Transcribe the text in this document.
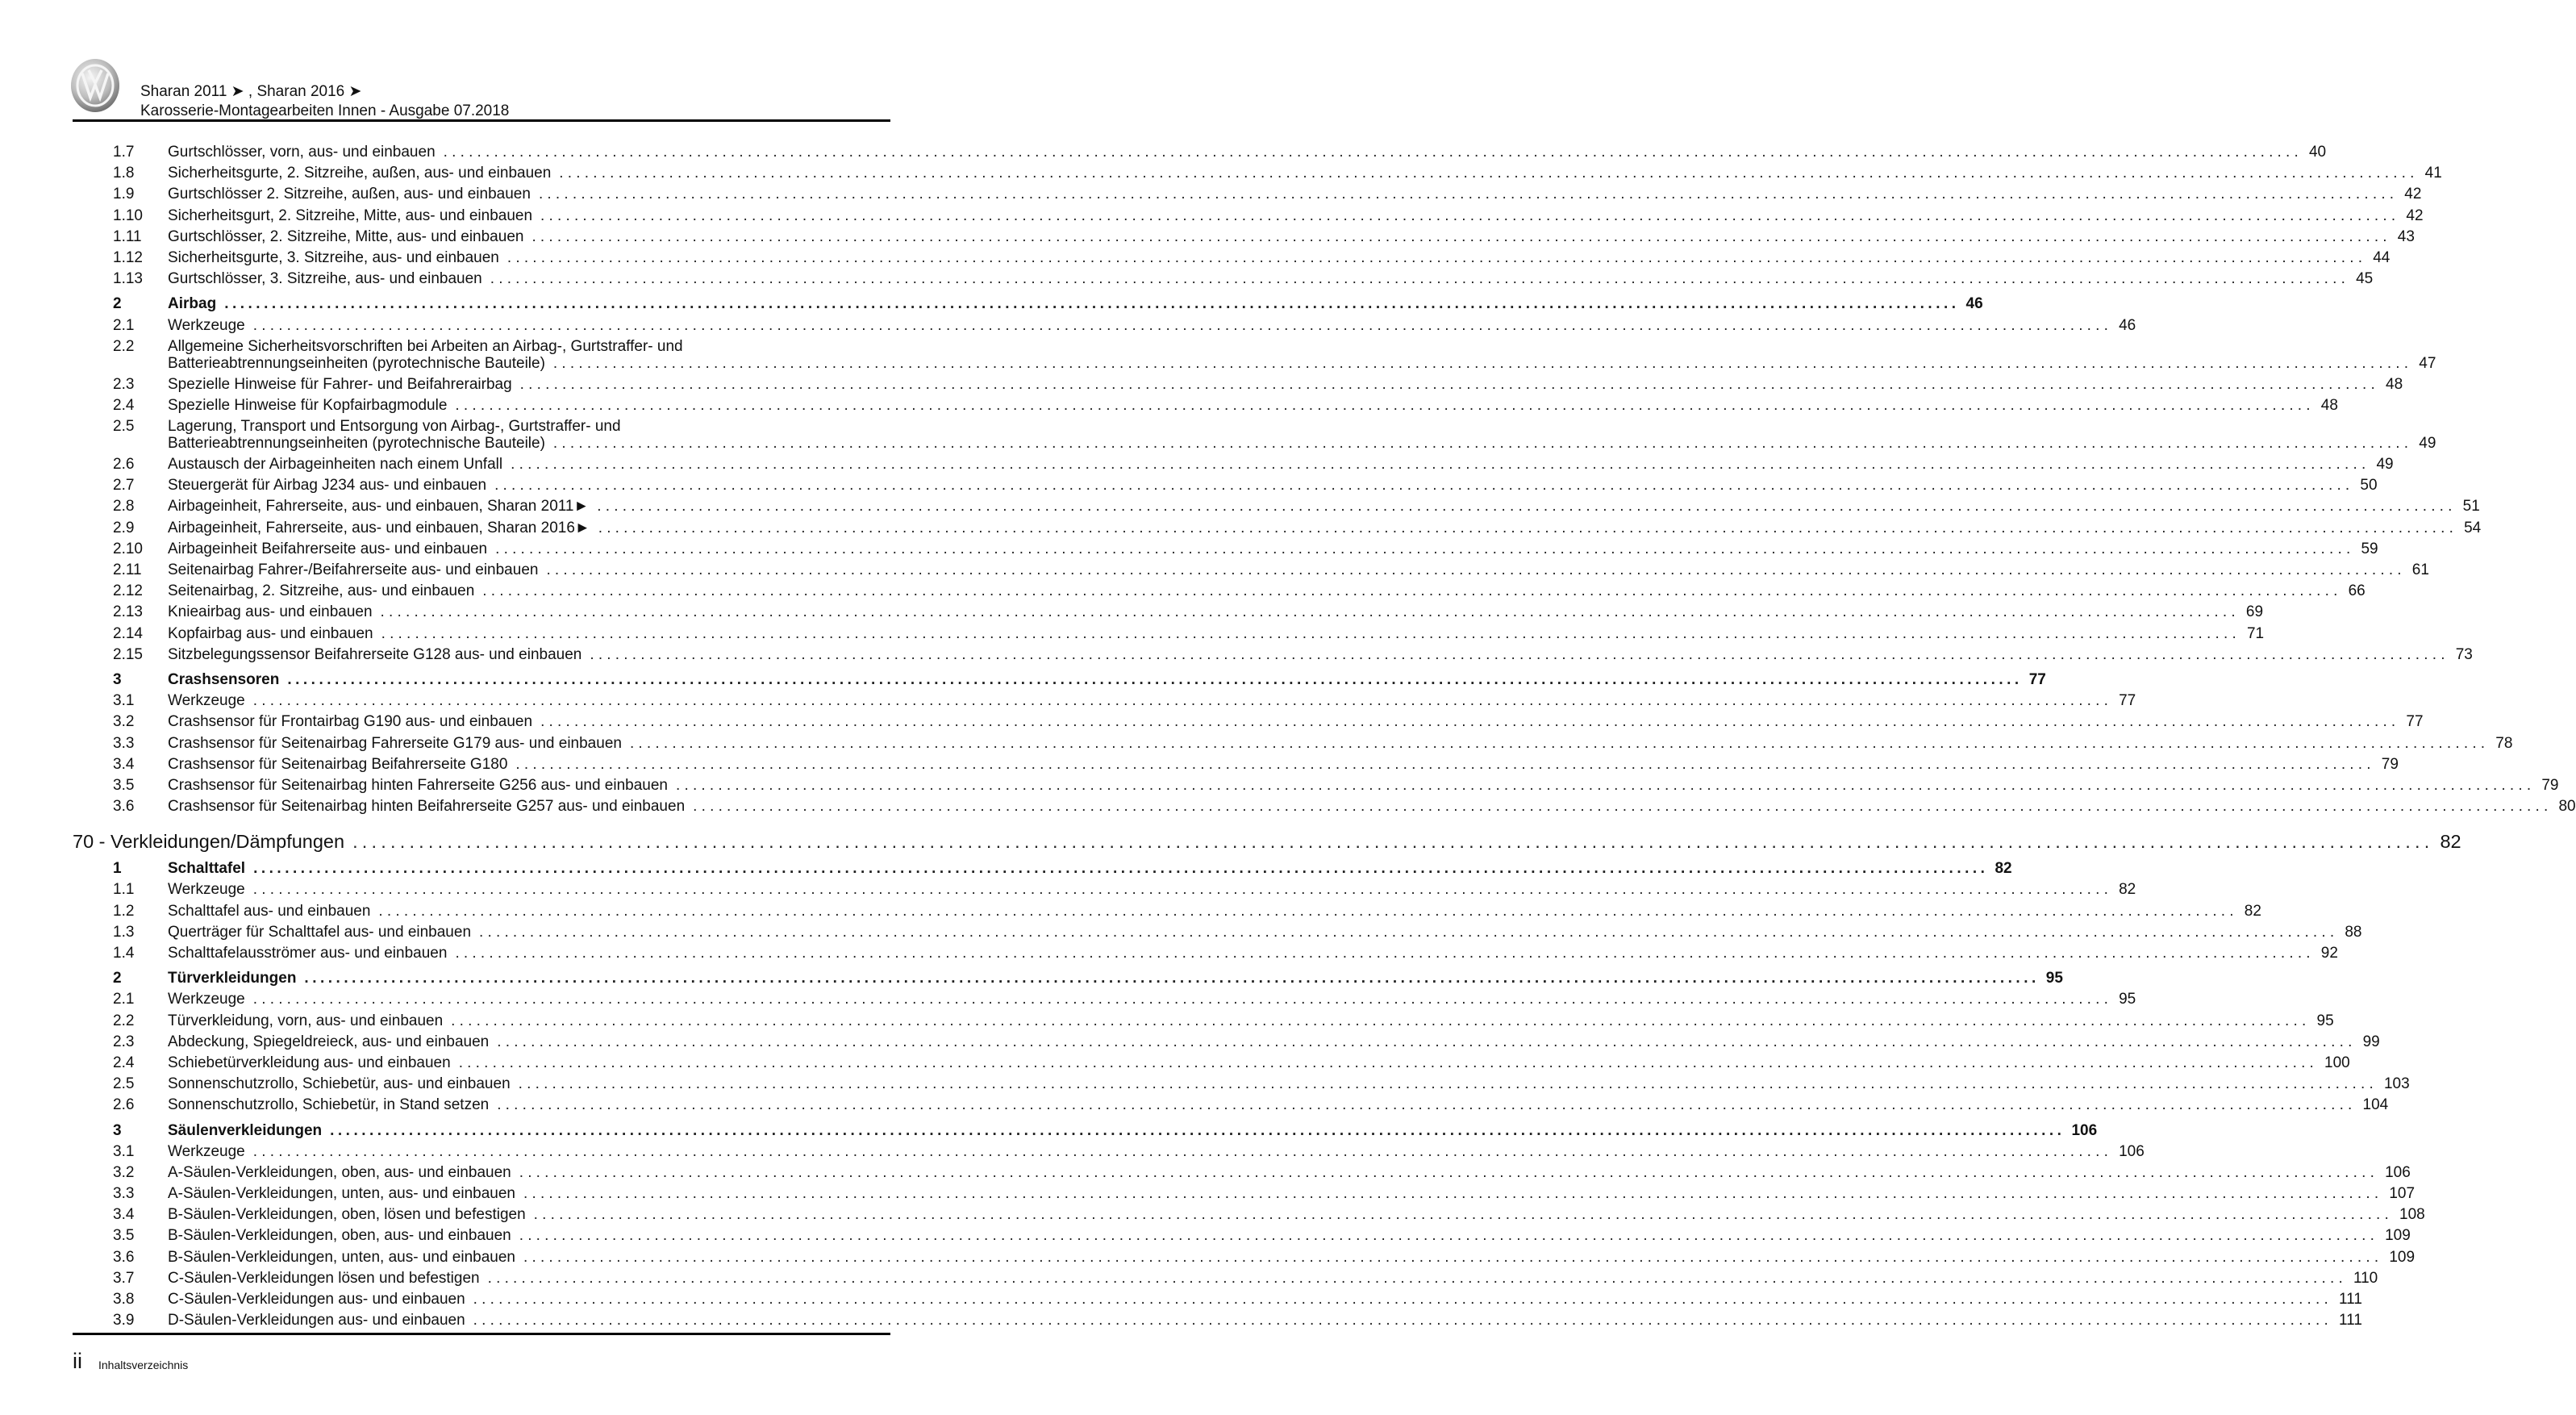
Sharan 2011 ➤ , Sharan 2016 ➤
Karosserie-Montagearbeiten Innen - Ausgabe 07.2018
1.7 Gurtschlösser, vorn, aus- und einbauen ............................................................................................................................................................................................................................ 40
1.8 Sicherheitsgurte, 2. Sitzreihe, außen, aus- und einbauen ............................................................................................................................................................................................................................ 41
1.9 Gurtschlösser 2. Sitzreihe, außen, aus- und einbauen ............................................................................................................................................................................................................................ 42
1.10 Sicherheitsgurt, 2. Sitzreihe, Mitte, aus- und einbauen ............................................................................................................................................................................................................................ 42
1.11 Gurtschlösser, 2. Sitzreihe, Mitte, aus- und einbauen ............................................................................................................................................................................................................................ 43
1.12 Sicherheitsgurte, 3. Sitzreihe, aus- und einbauen ............................................................................................................................................................................................................................ 44
1.13 Gurtschlösser, 3. Sitzreihe, aus- und einbauen ............................................................................................................................................................................................................................ 45
2	Airbag ............................................................................................................................................................................................................................ 46
2.1 Werkzeuge ............................................................................................................................................................................................................................ 46
2.2 Allgemeine Sicherheitsvorschriften bei Arbeiten an Airbag-, Gurtstraffer- und
Batterieabtrennungseinheiten (pyrotechnische Bauteile) ............................................................................................................................................................................................................................ 47
2.3 Spezielle Hinweise für Fahrer- und Beifahrerairbag ............................................................................................................................................................................................................................ 48
2.4 Spezielle Hinweise für Kopfairbagmodule ............................................................................................................................................................................................................................ 48
2.5 Lagerung, Transport und Entsorgung von Airbag-, Gurtstraffer- und
Batterieabtrennungseinheiten (pyrotechnische Bauteile) ............................................................................................................................................................................................................................ 49
2.6 Austausch der Airbageinheiten nach einem Unfall ............................................................................................................................................................................................................................ 49
2.7 Steuergerät für Airbag J234 aus- und einbauen ............................................................................................................................................................................................................................ 50
2.8 Airbageinheit, Fahrerseite, aus- und einbauen, Sharan 2011► ............................................................................................................................................................................................................................ 51
2.9 Airbageinheit, Fahrerseite, aus- und einbauen, Sharan 2016► ............................................................................................................................................................................................................................ 54
2.10 Airbageinheit Beifahrerseite aus- und einbauen ............................................................................................................................................................................................................................ 59
2.11 Seitenairbag Fahrer-/Beifahrerseite aus- und einbauen ............................................................................................................................................................................................................................ 61
2.12 Seitenairbag, 2. Sitzreihe, aus- und einbauen ............................................................................................................................................................................................................................ 66
2.13 Knieairbag aus- und einbauen ............................................................................................................................................................................................................................ 69
2.14 Kopfairbag aus- und einbauen ............................................................................................................................................................................................................................ 71
2.15 Sitzbelegungssensor Beifahrerseite G128 aus- und einbauen ............................................................................................................................................................................................................................ 73
3	Crashsensoren ............................................................................................................................................................................................................................ 77
3.1 Werkzeuge ............................................................................................................................................................................................................................ 77
3.2 Crashsensor für Frontairbag G190 aus- und einbauen ............................................................................................................................................................................................................................ 77
3.3 Crashsensor für Seitenairbag Fahrerseite G179 aus- und einbauen ............................................................................................................................................................................................................................ 78
3.4 Crashsensor für Seitenairbag Beifahrerseite G180 ............................................................................................................................................................................................................................ 79
3.5 Crashsensor für Seitenairbag hinten Fahrerseite G256 aus- und einbauen ............................................................................................................................................................................................................................ 79
3.6 Crashsensor für Seitenairbag hinten Beifahrerseite G257 aus- und einbauen ............................................................................................................................................................................................................................ 80
70 - Verkleidungen/Dämpfungen ............................................................................................................................................................................................................................ 82
1	Schalttafel ............................................................................................................................................................................................................................ 82
1.1 Werkzeuge ............................................................................................................................................................................................................................ 82
1.2 Schalttafel aus- und einbauen ............................................................................................................................................................................................................................ 82
1.3 Querträger für Schalttafel aus- und einbauen ............................................................................................................................................................................................................................ 88
1.4 Schalttafelausströmer aus- und einbauen ............................................................................................................................................................................................................................ 92
2	Türverkleidungen ............................................................................................................................................................................................................................ 95
2.1 Werkzeuge ............................................................................................................................................................................................................................ 95
2.2 Türverkleidung, vorn, aus- und einbauen ............................................................................................................................................................................................................................ 95
2.3 Abdeckung, Spiegeldreieck, aus- und einbauen ............................................................................................................................................................................................................................ 99
2.4 Schiebetürverkleidung aus- und einbauen ............................................................................................................................................................................................................................ 100
2.5 Sonnenschutzrollo, Schiebetür, aus- und einbauen ............................................................................................................................................................................................................................ 103
2.6 Sonnenschutzrollo, Schiebetür, in Stand setzen ............................................................................................................................................................................................................................ 104
3	Säulenverkleidungen ............................................................................................................................................................................................................................ 106
3.1 Werkzeuge ............................................................................................................................................................................................................................ 106
3.2 A-Säulen-Verkleidungen, oben, aus- und einbauen ............................................................................................................................................................................................................................ 106
3.3 A-Säulen-Verkleidungen, unten, aus- und einbauen ............................................................................................................................................................................................................................ 107
3.4 B-Säulen-Verkleidungen, oben, lösen und befestigen ............................................................................................................................................................................................................................ 108
3.5 B-Säulen-Verkleidungen, oben, aus- und einbauen ............................................................................................................................................................................................................................ 109
3.6 B-Säulen-Verkleidungen, unten, aus- und einbauen ............................................................................................................................................................................................................................ 109
3.7 C-Säulen-Verkleidungen lösen und befestigen ............................................................................................................................................................................................................................ 110
3.8 C-Säulen-Verkleidungen aus- und einbauen ............................................................................................................................................................................................................................ 111
3.9 D-Säulen-Verkleidungen aus- und einbauen ............................................................................................................................................................................................................................ 111
ii Inhaltsverzeichnis
